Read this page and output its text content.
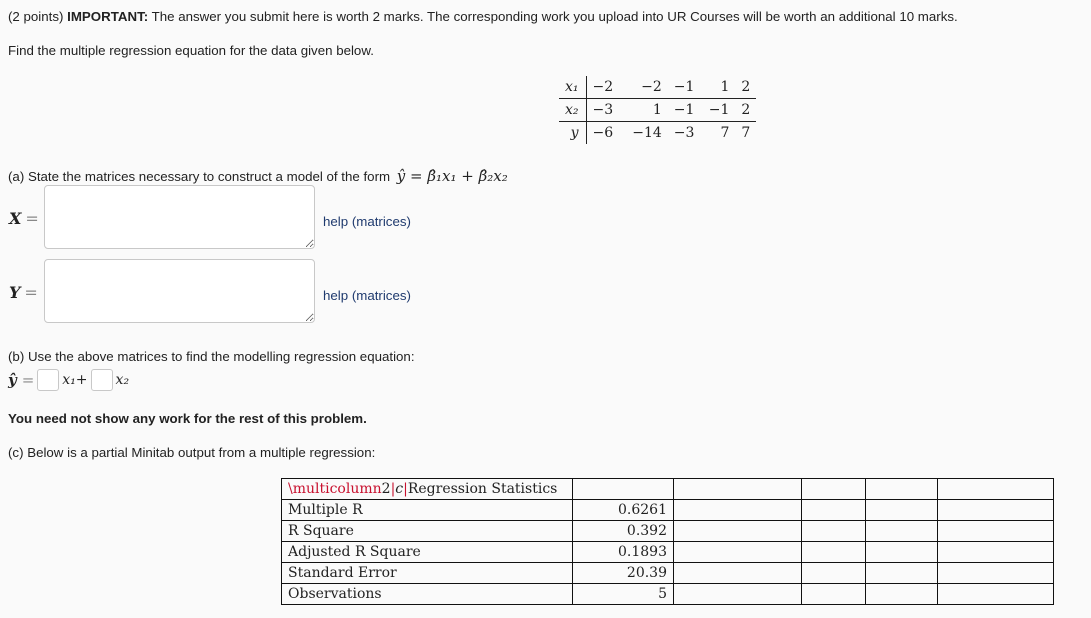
(2 points) IMPORTANT: The answer you submit here is worth 2 marks. The corresponding work you upload into UR Courses will be worth an additional 10 marks.
Find the multiple regression equation for the data given below.
x₁	−2	−2	−1	1	2
x₂	−3	1	−1	−1	2
y	−6	−14	−3	7	7
(a) State the matrices necessary to construct a model of the form ŷ = β̂₁x₁ + β̂₂x₂
X =	help (matrices)
Y =	help (matrices)
(b) Use the above matrices to find the modelling regression equation:
ŷ = x₁+ x₂
You need not show any work for the rest of this problem.
(c) Below is a partial Minitab output from a multiple regression:
\multicolumn2|c|Regression Statistics					
Multiple R	0.6261				
R Square	0.392				
Adjusted R Square	0.1893				
Standard Error	20.39				
Observations	5				
